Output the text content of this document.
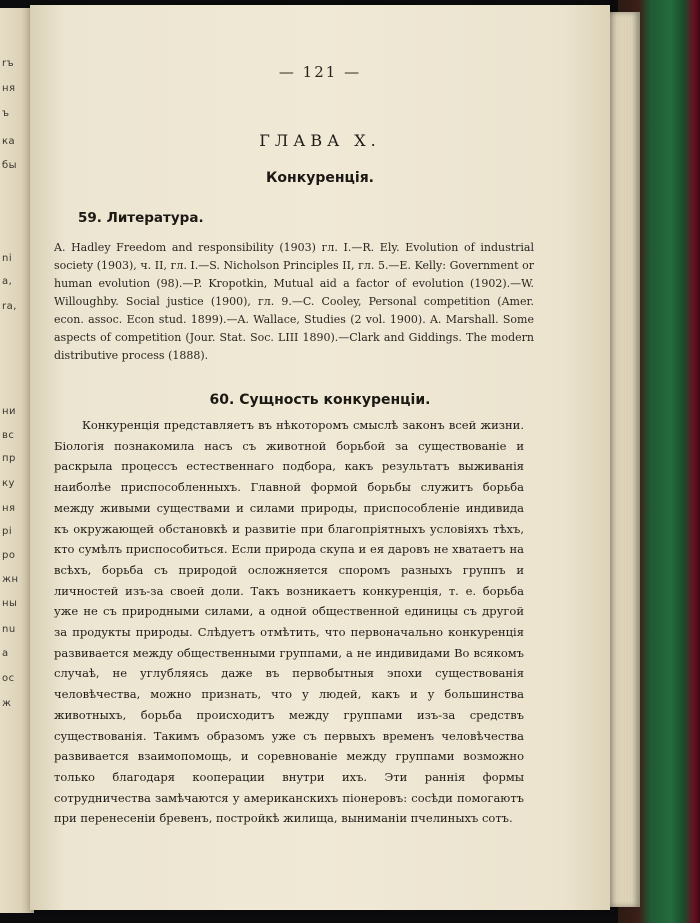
rъ
ня
ъ
ка
бы
ni
a,
ra,
ни
вс
пр
ку
ня
pi
po
жн
ны
nu
а
oc
ж
— 121 —
ГЛАВА X.
Конкуренція.
59. Литература.
A. Hadley Freedom and responsibility (1903) гл. I.—R. Ely. Evolution of industrial society (1903), ч. II, гл. I.—S. Nicholson Principles II, гл. 5.—E. Kelly: Government or human evolution (98).—P. Kropotkin, Mutual aid a factor of evolution (1902).—W. Willoughby. Social justice (1900), гл. 9.—C. Cooley, Personal competition (Amer. econ. assoc. Econ stud. 1899).—A. Wallace, Studies (2 vol. 1900). A. Marshall. Some aspects of competition (Jour. Stat. Soc. LIII 1890).—Clark and Giddings. The modern distributive process (1888).
60. Сущность конкуренціи.
Конкуренція представляетъ въ нѣкоторомъ смыслѣ законъ всей жизни. Біологія познакомила насъ съ животной борьбой за существованіе и раскрыла процессъ естественнаго подбора, какъ результатъ выживанія наиболѣе приспособленныхъ. Главной формой борьбы служитъ борьба между живыми существами и силами природы, приспособленіе индивида къ окружающей обстановкѣ и развитіе при благопріятныхъ условіяхъ тѣхъ, кто сумѣлъ приспособиться. Если природа скупа и ея даровъ не хватаетъ на всѣхъ, борьба съ природой осложняется споромъ разныхъ группъ и личностей изъ-за своей доли. Такъ возникаетъ конкуренція, т. е. борьба уже не съ природными силами, а одной общественной единицы съ другой за продукты природы. Слѣдуетъ отмѣтить, что первоначально конкуренція развивается между общественными группами, а не индивидами Во всякомъ случаѣ, не углубляясь даже въ первобытныя эпохи существованія человѣчества, можно признать, что у людей, какъ и у большинства животныхъ, борьба происходитъ между группами изъ-за средствъ существованія. Такимъ образомъ уже съ первыхъ временъ человѣчества развивается взаимопомощь, и соревнованіе между группами возможно только благодаря кооперации внутри ихъ. Эти раннія формы сотрудничества замѣчаются у американскихъ піонеровъ: сосѣди помогаютъ при перенесеніи бревенъ, постройкѣ жилища, выниманіи пчелиныхъ сотъ.
